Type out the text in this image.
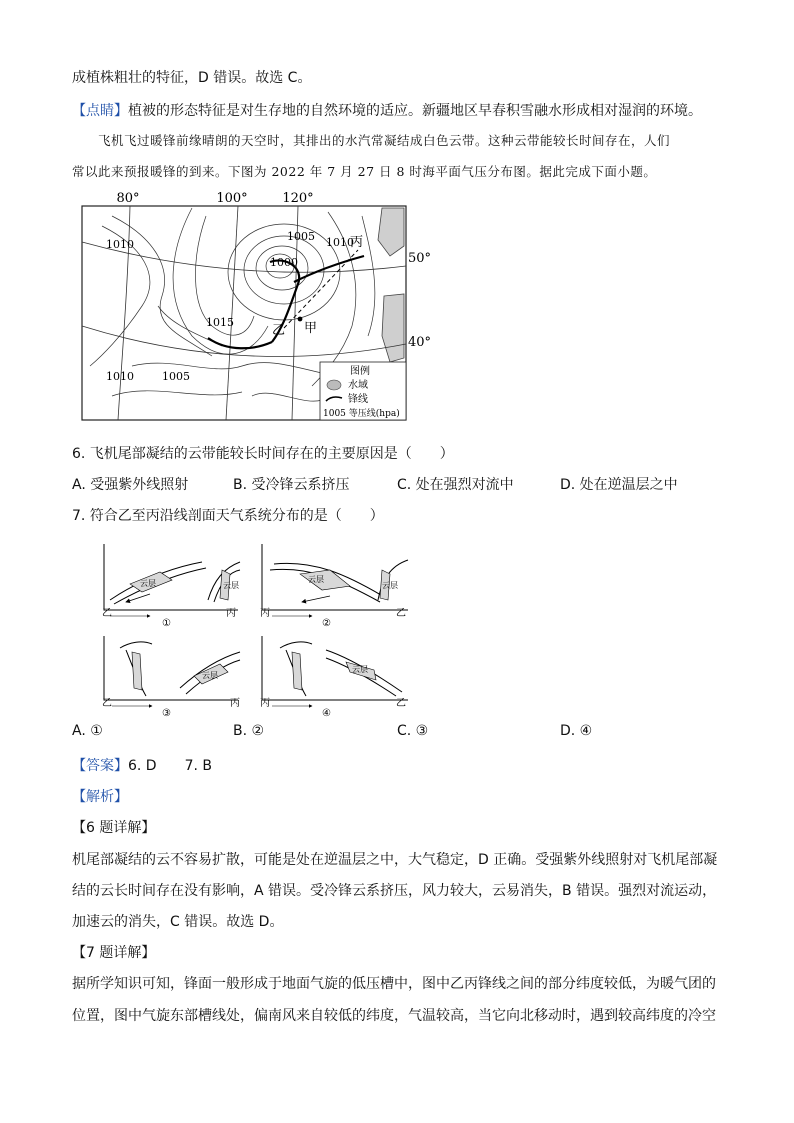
成植株粗壮的特征，D 错误。故选 C。
【点睛】植被的形态特征是对生存地的自然环境的适应。新疆地区早春积雪融水形成相对湿润的环境。
飞机飞过暖锋前缘晴朗的天空时，其排出的水汽常凝结成白色云带。这种云带能较长时间存在，人们
常以此来预报暖锋的到来。下图为 2022 年 7 月 27 日 8 时海平面气压分布图。据此完成下面小题。
80°	100°	120°
50°
40°
1010
1005 1010
1000
1015
1010	1005
丙
乙 甲
图例
水域
锋线
1005 等压线(hpa)
6. 飞机尾部凝结的云带能较长时间存在的主要原因是（　　）
A. 受强紫外线照射	B. 受冷锋云系挤压	C. 处在强烈对流中	D. 处在逆温层之中
7. 符合乙至丙沿线剖面天气系统分布的是（　　）
云层	云层
乙	丙
①
云层
云层
丙	乙
②
云层
乙	丙
③
云层
丙	乙
④
A. ①	B. ②	C. ③	D. ④
【答案】6. D　　7. B
【解析】
【6 题详解】
机尾部凝结的云不容易扩散，可能是处在逆温层之中，大气稳定，D 正确。受强紫外线照射对飞机尾部凝
结的云长时间存在没有影响，A 错误。受冷锋云系挤压，风力较大，云易消失，B 错误。强烈对流运动，
加速云的消失，C 错误。故选 D。
【7 题详解】
据所学知识可知，锋面一般形成于地面气旋的低压槽中，图中乙丙锋线之间的部分纬度较低，为暖气团的
位置，图中气旋东部槽线处，偏南风来自较低的纬度，气温较高，当它向北移动时，遇到较高纬度的冷空
